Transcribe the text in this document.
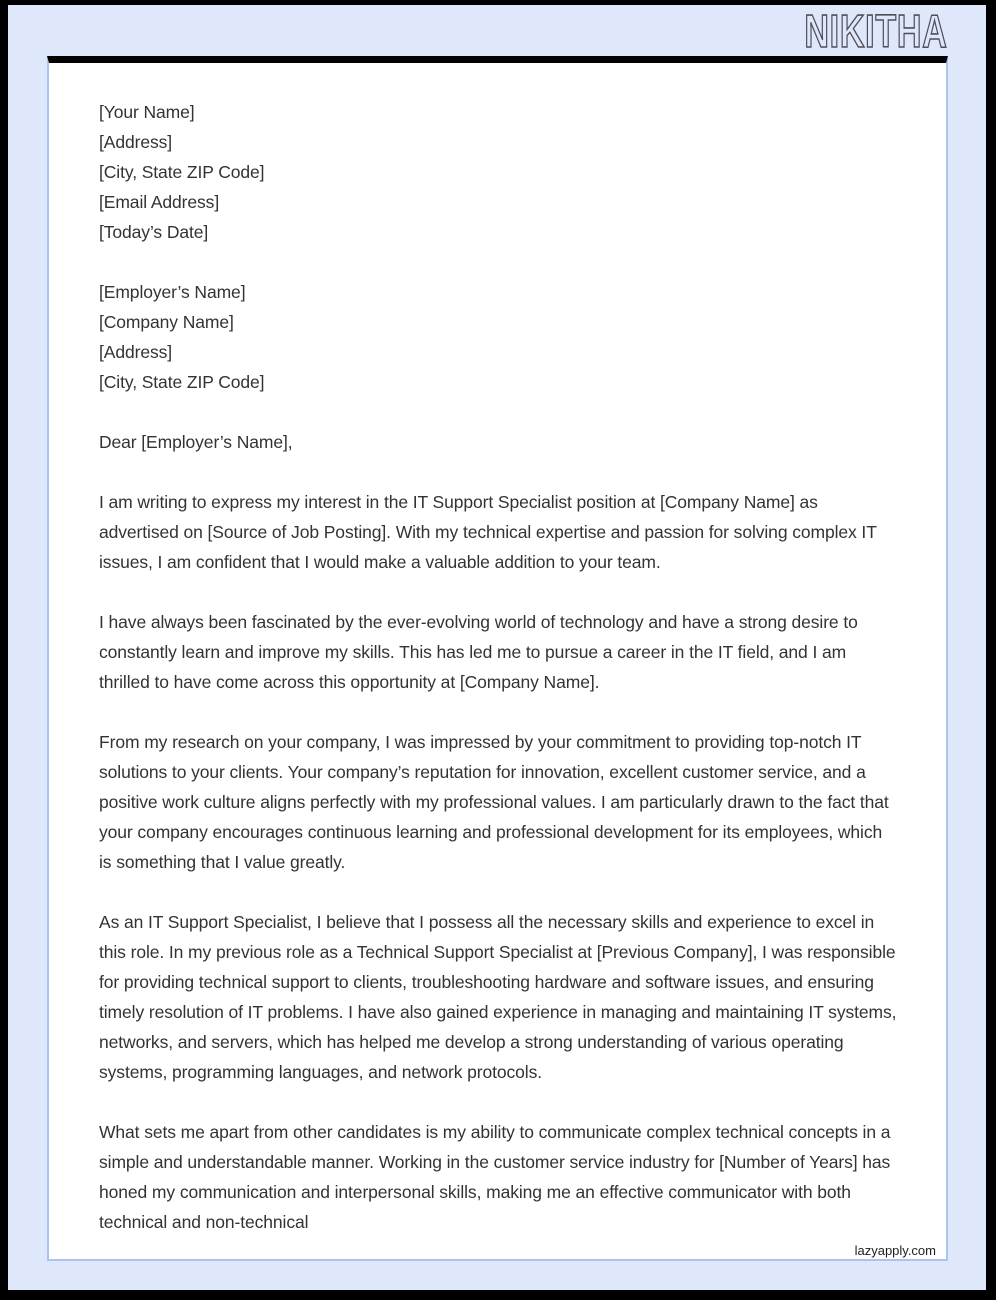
NIKITHA
[Your Name]
[Address]
[City, State ZIP Code]
[Email Address]
[Today’s Date]
[Employer’s Name]
[Company Name]
[Address]
[City, State ZIP Code]
Dear [Employer’s Name],

I am writing to express my interest in the IT Support Specialist position at [Company Name] as advertised on [Source of Job Posting]. With my technical expertise and passion for solving complex IT issues, I am confident that I would make a valuable addition to your team.

I have always been fascinated by the ever-evolving world of technology and have a strong desire to constantly learn and improve my skills. This has led me to pursue a career in the IT field, and I am thrilled to have come across this opportunity at [Company Name].

From my research on your company, I was impressed by your commitment to providing top-notch IT solutions to your clients. Your company’s reputation for innovation, excellent customer service, and a positive work culture aligns perfectly with my professional values. I am particularly drawn to the fact that your company encourages continuous learning and professional development for its employees, which is something that I value greatly.

As an IT Support Specialist, I believe that I possess all the necessary skills and experience to excel in this role. In my previous role as a Technical Support Specialist at [Previous Company], I was responsible for providing technical support to clients, troubleshooting hardware and software issues, and ensuring timely resolution of IT problems. I have also gained experience in managing and maintaining IT systems, networks, and servers, which has helped me develop a strong understanding of various operating systems, programming languages, and network protocols.

What sets me apart from other candidates is my ability to communicate complex technical concepts in a simple and understandable manner. Working in the customer service industry for [Number of Years] has honed my communication and interpersonal skills, making me an effective communicator with both technical and non-technical

lazyapply.com
